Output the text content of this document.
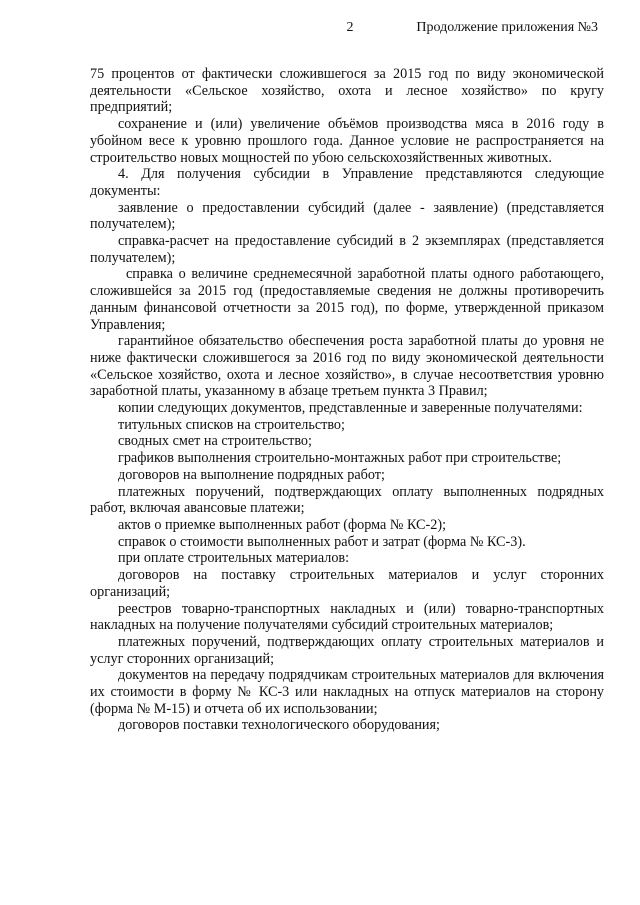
2	Продолжение приложения №3

75 процентов от фактически сложившегося за 2015 год по виду экономической деятельности «Сельское хозяйство, охота и лесное хозяйство» по кругу предприятий;

сохранение и (или) увеличение объёмов производства мяса в 2016 году в убойном весе к уровню прошлого года. Данное условие не распространяется на строительство новых мощностей по убою сельскохозяйственных животных.

4. Для получения субсидии в Управление представляются следующие документы:

заявление о предоставлении субсидий (далее - заявление) (представляется получателем);

справка-расчет на предоставление субсидий в 2 экземплярах (представляется получателем);

справка о величине среднемесячной заработной платы одного работающего, сложившейся за 2015 год (предоставляемые сведения не должны противоречить данным финансовой отчетности за 2015 год), по форме, утвержденной приказом Управления;

гарантийное обязательство обеспечения роста заработной платы до уровня не ниже фактически сложившегося за 2016 год по виду экономической деятельности «Сельское хозяйство, охота и лесное хозяйство», в случае несоответствия уровню заработной платы, указанному в абзаце третьем пункта 3 Правил;

копии следующих документов, представленные и заверенные получателями:

титульных списков на строительство;

сводных смет на строительство;

графиков выполнения строительно-монтажных работ при строительстве;

договоров на выполнение подрядных работ;

платежных поручений, подтверждающих оплату выполненных подрядных работ, включая авансовые платежи;

актов о приемке выполненных работ (форма № КС-2);

справок о стоимости выполненных работ и затрат (форма № КС-3).

при оплате строительных материалов:

договоров на поставку строительных материалов и услуг сторонних организаций;

реестров товарно-транспортных накладных и (или) товарно-транспортных накладных на получение получателями субсидий строительных материалов;

платежных поручений, подтверждающих оплату строительных материалов и услуг сторонних организаций;

документов на передачу подрядчикам строительных материалов для включения их стоимости в форму № КС-3 или накладных на отпуск материалов на сторону (форма № М-15) и отчета об их использовании;

договоров поставки технологического оборудования;
